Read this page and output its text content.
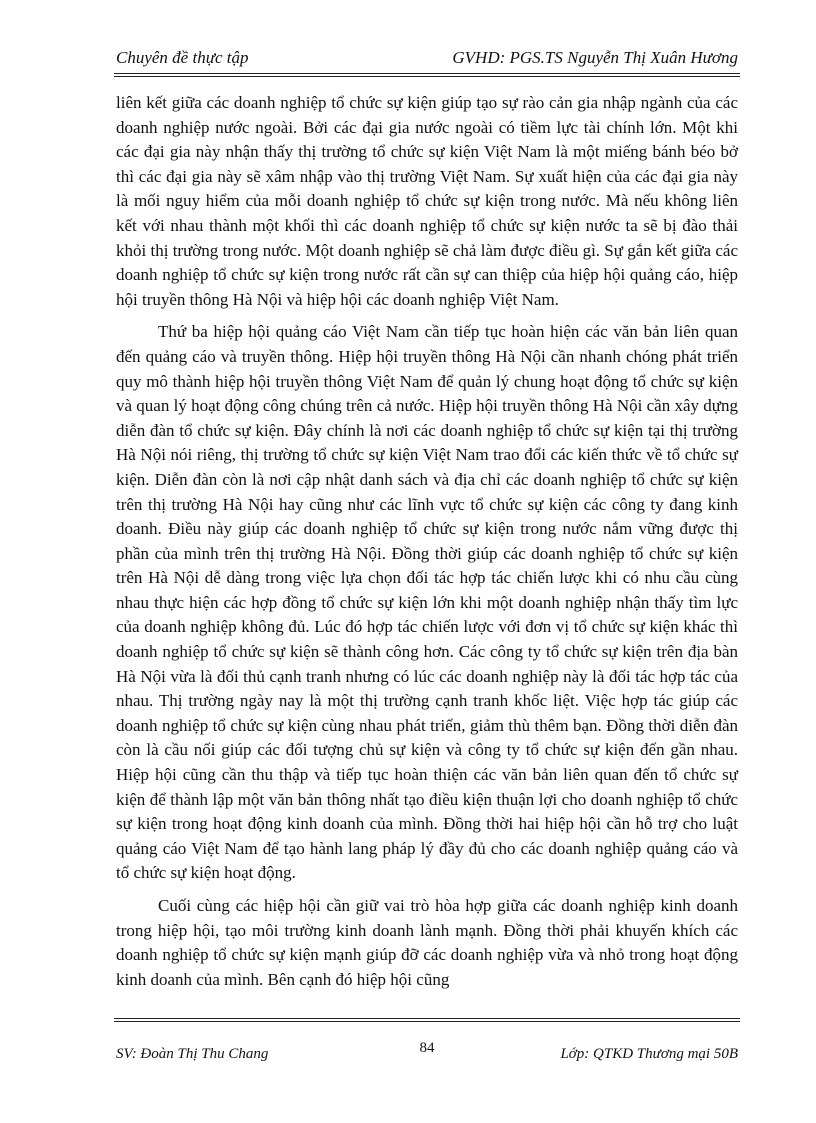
Chuyên đề thực tập	GVHD: PGS.TS Nguyễn Thị Xuân Hương

liên kết giữa các doanh nghiệp tổ chức sự kiện giúp tạo sự rào cản gia nhập ngành của các doanh nghiệp nước ngoài. Bởi các đại gia nước ngoài có tiềm lực tài chính lớn. Một khi các đại gia này nhận thấy thị trường tổ chức sự kiện Việt Nam là một miếng bánh béo bở thì các đại gia này sẽ xâm nhập vào thị trường Việt Nam. Sự xuất hiện của các đại gia này là mối nguy hiểm của mỗi doanh nghiệp tổ chức sự kiện trong nước. Mà nếu không liên kết với nhau thành một khối thì các doanh nghiệp tổ chức sự kiện nước ta sẽ bị đào thải khỏi thị trường trong nước. Một doanh nghiệp sẽ chả làm được điều gì. Sự gắn kết giữa các doanh nghiệp tổ chức sự kiện trong nước rất cần sự can thiệp của hiệp hội quảng cáo, hiệp hội truyền thông Hà Nội và hiệp hội các doanh nghiệp Việt Nam.

Thứ ba hiệp hội quảng cáo Việt Nam cần tiếp tục hoàn hiện các văn bản liên quan đến quảng cáo và truyền thông. Hiệp hội truyền thông Hà Nội cần nhanh chóng phát triển quy mô thành hiệp hội truyền thông Việt Nam để quản lý chung hoạt động tổ chức sự kiện và quan lý hoạt động công chúng trên cả nước. Hiệp hội truyền thông Hà Nội cần xây dựng diễn đàn tổ chức sự kiện. Đây chính là nơi các doanh nghiệp tổ chức sự kiện tại thị trường Hà Nội nói riêng, thị trường tổ chức sự kiện Việt Nam trao đổi các kiến thức về tổ chức sự kiện. Diễn đàn còn là nơi cập nhật danh sách và địa chỉ các doanh nghiệp tổ chức sự kiện trên thị trường Hà Nội hay cũng như các lĩnh vực tổ chức sự kiện các công ty đang kinh doanh. Điều này giúp các doanh nghiệp tổ chức sự kiện trong nước nắm vững được thị phần của mình trên thị trường Hà Nội. Đồng thời giúp các doanh nghiệp tổ chức sự kiện trên Hà Nội dễ dàng trong việc lựa chọn đối tác hợp tác chiến lược khi có nhu cầu cùng nhau thực hiện các hợp đồng tổ chức sự kiện lớn khi một doanh nghiệp nhận thấy tìm lực của doanh nghiệp không đủ. Lúc đó hợp tác chiến lược với đơn vị tổ chức sự kiện khác thì doanh nghiệp tổ chức sự kiện sẽ thành công hơn. Các công ty tổ chức sự kiện trên địa bàn Hà Nội vừa là đối thủ cạnh tranh nhưng có lúc các doanh nghiệp này là đối tác hợp tác của nhau. Thị trường ngày nay là một thị trường cạnh tranh khốc liệt. Việc hợp tác giúp các doanh nghiệp tổ chức sự kiện cùng nhau phát triển, giảm thù thêm bạn. Đồng thời diễn đàn còn là cầu nối giúp các đối tượng chủ sự kiện và công ty tổ chức sự kiện đến gần nhau. Hiệp hội cũng cần thu thập và tiếp tục hoàn thiện các văn bản liên quan đến tổ chức sự kiện để thành lập một văn bản thông nhất tạo điều kiện thuận lợi cho doanh nghiệp tổ chức sự kiện trong hoạt động kinh doanh của mình. Đồng thời hai hiệp hội cần hỗ trợ cho luật quảng cáo Việt Nam để tạo hành lang pháp lý đầy đủ cho các doanh nghiệp quảng cáo và tổ chức sự kiện hoạt động.

Cuối cùng các hiệp hội cần giữ vai trò hòa hợp giữa các doanh nghiệp kinh doanh trong hiệp hội, tạo môi trường kinh doanh lành mạnh. Đồng thời phải khuyến khích các doanh nghiệp tổ chức sự kiện mạnh giúp đỡ các doanh nghiệp vừa và nhỏ trong hoạt động kinh doanh của mình. Bên cạnh đó hiệp hội cũng

SV: Đoàn Thị Thu Chang	84	Lớp: QTKD Thương mại 50B
